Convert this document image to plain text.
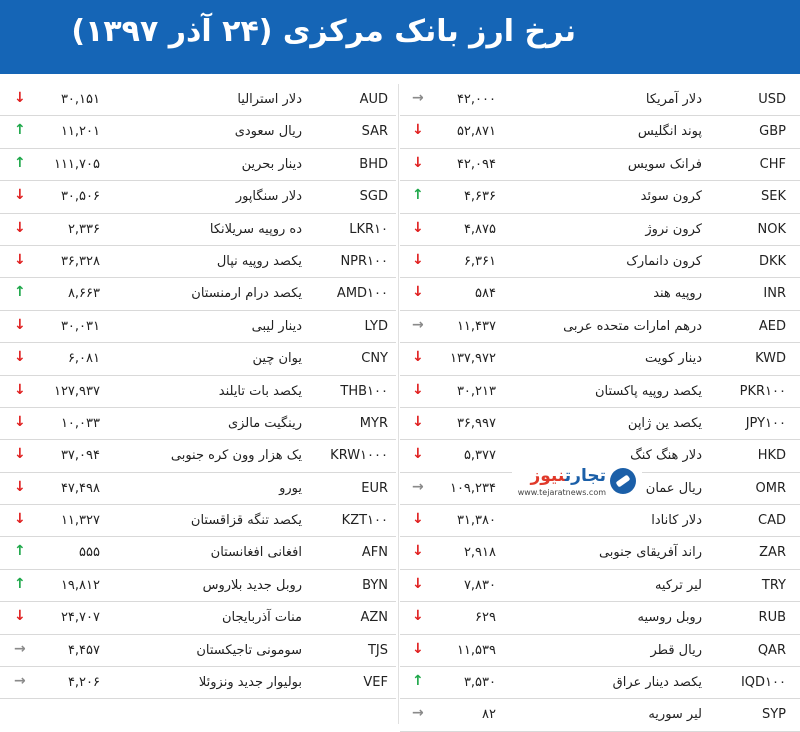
نرخ ارز بانک مرکزی (۲۴ آذر ۱۳۹۷)
USD
دلار آمریکا
۴۲,۰۰۰
→
GBP
پوند انگلیس
۵۲,۸۷۱
↓
CHF
فرانک سویس
۴۲,۰۹۴
↓
SEK
کرون سوئد
۴,۶۳۶
↑
NOK
کرون نروژ
۴,۸۷۵
↓
DKK
کرون دانمارک
۶,۳۶۱
↓
INR
روپیه هند
۵۸۴
↓
AED
درهم امارات متحده عربی
۱۱,۴۳۷
→
KWD
دینار کویت
۱۳۷,۹۷۲
↓
PKR۱۰۰
یکصد روپیه پاکستان
۳۰,۲۱۳
↓
JPY۱۰۰
یکصد ین ژاپن
۳۶,۹۹۷
↓
HKD
دلار هنگ کنگ
۵,۳۷۷
↓
OMR
ریال عمان
۱۰۹,۲۳۴
→
CAD
دلار کانادا
۳۱,۳۸۰
↓
ZAR
راند آفریقای جنوبی
۲,۹۱۸
↓
TRY
لیر ترکیه
۷,۸۳۰
↓
RUB
روبل روسیه
۶۲۹
↓
QAR
ریال قطر
۱۱,۵۳۹
↓
IQD۱۰۰
یکصد دینار عراق
۳,۵۳۰
↑
SYP
لیر سوریه
۸۲
→
AUD
دلار استرالیا
۳۰,۱۵۱
↓
SAR
ریال سعودی
۱۱,۲۰۱
↑
BHD
دینار بحرین
۱۱۱,۷۰۵
↑
SGD
دلار سنگاپور
۳۰,۵۰۶
↓
LKR۱۰
ده روپیه سریلانکا
۲,۳۳۶
↓
NPR۱۰۰
یکصد روپیه نپال
۳۶,۳۲۸
↓
AMD۱۰۰
یکصد درام ارمنستان
۸,۶۶۳
↑
LYD
دینار لیبی
۳۰,۰۳۱
↓
CNY
یوان چین
۶,۰۸۱
↓
THB۱۰۰
یکصد بات تایلند
۱۲۷,۹۳۷
↓
MYR
رینگیت مالزی
۱۰,۰۳۳
↓
KRW۱۰۰۰
یک هزار وون کره جنوبی
۳۷,۰۹۴
↓
EUR
یورو
۴۷,۴۹۸
↓
KZT۱۰۰
یکصد تنگه قزاقستان
۱۱,۳۲۷
↓
AFN
افغانی افغانستان
۵۵۵
↑
BYN
روبل جدید بلاروس
۱۹,۸۱۲
↑
AZN
منات آذربایجان
۲۴,۷۰۷
↓
TJS
سومونی تاجیکستان
۴,۴۵۷
→
VEF
بولیوار جدید ونزوئلا
۴,۲۰۶
→
تجارتنیوز
www.tejaratnews.com
